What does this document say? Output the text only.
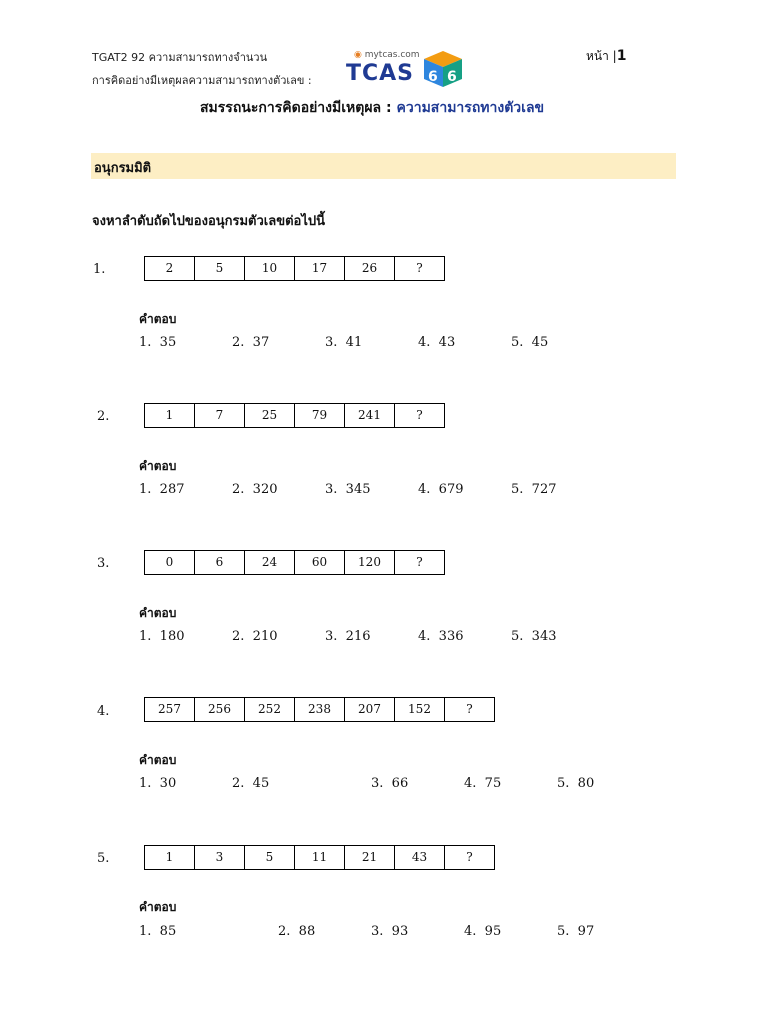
TGAT2 92 ความสามารถทางจำนวน
การคิดอย่างมีเหตุผลความสามารถทางตัวเลข :
หน้า |1
◉ mytcas.com
TCAS 6 6
สมรรถนะการคิดอย่างมีเหตุผล : ความสามารถทางตัวเลข
อนุกรมมิติ
จงหาลำดับถัดไปของอนุกรมตัวเลขต่อไปนี้
1.	2	5	10	17	26	?
คำตอบ
1. 35	2. 37	3. 41	4. 43	5. 45
2.	1	7	25	79	241	?
คำตอบ
1. 287	2. 320	3. 345	4. 679	5. 727
3.	0	6	24	60	120	?
คำตอบ
1. 180	2. 210	3. 216	4. 336	5. 343
4.	257	256	252	238	207	152	?
คำตอบ
1. 30	2. 45	3. 66	4. 75	5. 80
5.	1	3	5	11	21	43	?
คำตอบ
1. 85	2. 88	3. 93	4. 95	5. 97
